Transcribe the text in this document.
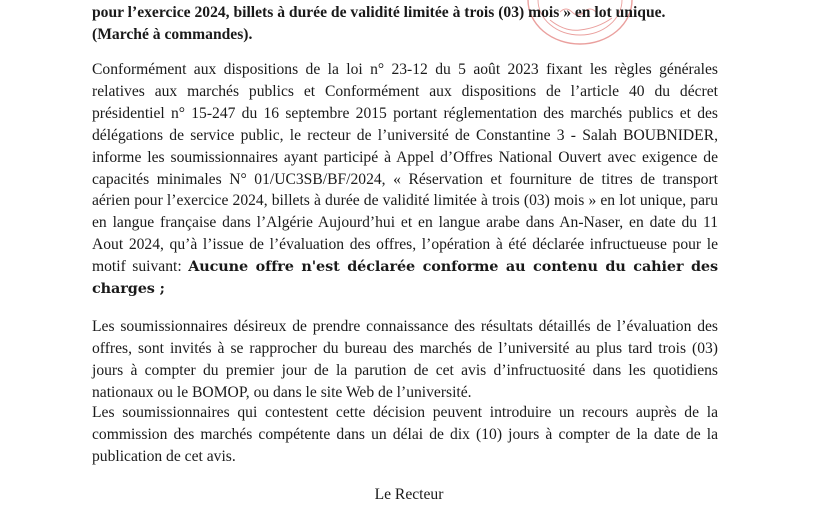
pour l’exercice 2024, billets à durée de validité limitée à trois (03) mois » en lot unique.
(Marché à commandes).
Conformément aux dispositions de la loi n° 23-12 du 5 août 2023 fixant les règles générales relatives aux marchés publics et Conformément aux dispositions de l’article 40 du décret présidentiel n° 15-247 du 16 septembre 2015 portant réglementation des marchés publics et des délégations de service public, le recteur de l’université de Constantine 3 - Salah BOUBNIDER, informe les soumissionnaires ayant participé à Appel d’Offres National Ouvert avec exigence de capacités minimales N° 01/UC3SB/BF/2024, « Réservation et fourniture de titres de transport aérien pour l’exercice 2024, billets à durée de validité limitée à trois (03) mois » en lot unique, paru en langue française dans l’Algérie Aujourd’hui et en langue arabe dans An-Naser, en date du 11 Aout 2024, qu’à l’issue de l’évaluation des offres, l’opération à été déclarée infructueuse pour le motif suivant: Aucune offre n'est déclarée conforme au contenu du cahier des charges ;
Les soumissionnaires désireux de prendre connaissance des résultats détaillés de l’évaluation des offres, sont invités à se rapprocher du bureau des marchés de l’université au plus tard trois (03) jours à compter du premier jour de la parution de cet avis d’infructuosité dans les quotidiens nationaux ou le BOMOP, ou dans le site Web de l’université.
Les soumissionnaires qui contestent cette décision peuvent introduire un recours auprès de la commission des marchés compétente dans un délai de dix (10) jours à compter de la date de la publication de cet avis.
Le Recteur
